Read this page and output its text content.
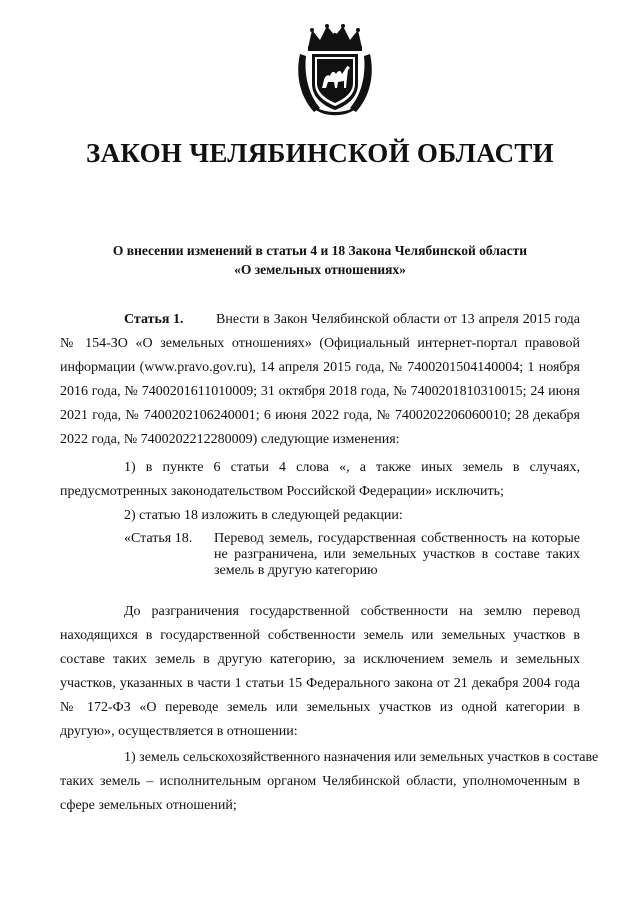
ЗАКОН ЧЕЛЯБИНСКОЙ ОБЛАСТИ
О внесении изменений в статьи 4 и 18 Закона Челябинской области
«О земельных отношениях»
Статья 1. Внести в Закон Челябинской области от 13 апреля 2015 года
№ 154-ЗО «О земельных отношениях» (Официальный интернет-портал правовой
информации (www.pravo.gov.ru), 14 апреля 2015 года, № 7400201504140004; 1 ноября
2016 года, № 7400201611010009; 31 октября 2018 года, № 7400201810310015; 24 июня
2021 года, № 7400202106240001; 6 июня 2022 года, № 7400202206060010; 28 декабря
2022 года, № 7400202212280009) следующие изменения:
1) в пункте 6 статьи 4 слова «, а также иных земель в случаях,
предусмотренных законодательством Российской Федерации» исключить;
2) статью 18 изложить в следующей редакции:
«Статья 18. Перевод земель, государственная собственность на которые не разграничена, или земельных участков в составе таких земель в другую категорию
До разграничения государственной собственности на землю перевод
находящихся в государственной собственности земель или земельных участков в
составе таких земель в другую категорию, за исключением земель и земельных
участков, указанных в части 1 статьи 15 Федерального закона от 21 декабря 2004 года
№ 172-ФЗ «О переводе земель или земельных участков из одной категории в
другую», осуществляется в отношении:
1) земель сельскохозяйственного назначения или земельных участков в составе
таких земель – исполнительным органом Челябинской области, уполномоченным в
сфере земельных отношений;
